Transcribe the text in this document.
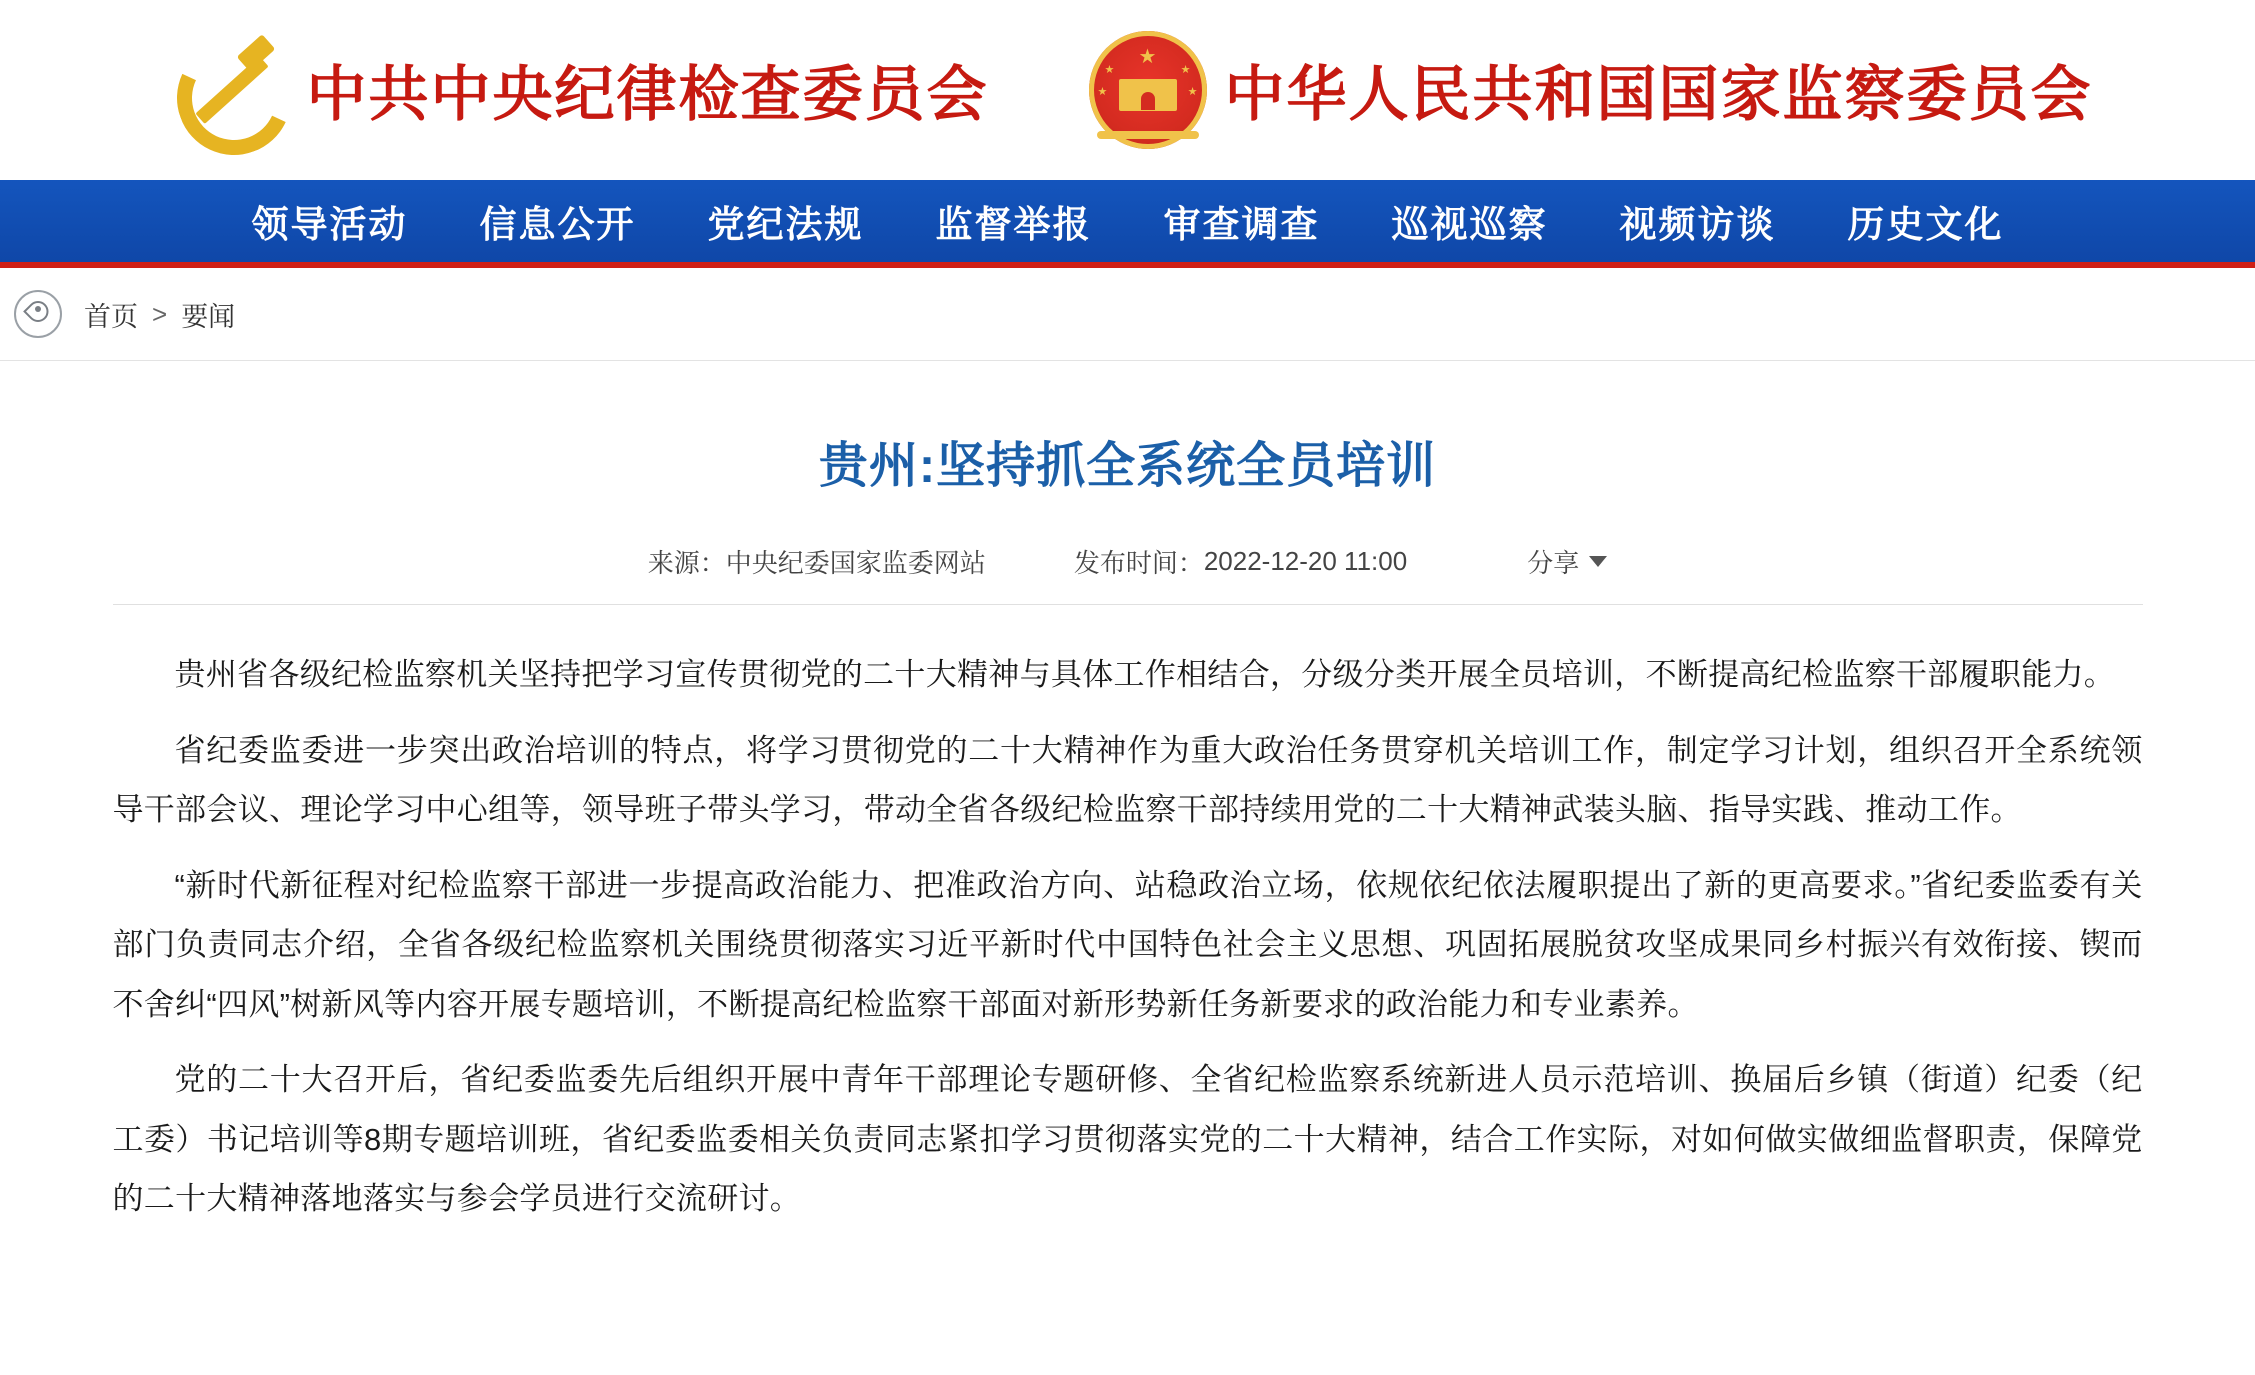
中共中央纪律检查委员会
★
★
★
★
★ 中华人民共和国国家监察委员会
领导活动	信息公开	党纪法规	监督举报	审查调查	巡视巡察	视频访谈	历史文化
首页 > 要闻
贵州:坚持抓全系统全员培训
来源： 中央纪委国家监委网站	发布时间： 2022-12-20 11:00	分享

贵州省各级纪检监察机关坚持把学习宣传贯彻党的二十大精神与具体工作相结合，分级分类开展全员培训，不断提高纪检监察干部履职能力。

省纪委监委进一步突出政治培训的特点，将学习贯彻党的二十大精神作为重大政治任务贯穿机关培训工作，制定学习计划，组织召开全系统领导干部会议、理论学习中心组等，领导班子带头学习，带动全省各级纪检监察干部持续用党的二十大精神武装头脑、指导实践、推动工作。

“新时代新征程对纪检监察干部进一步提高政治能力、把准政治方向、站稳政治立场，依规依纪依法履职提出了新的更高要求。”省纪委监委有关部门负责同志介绍，全省各级纪检监察机关围绕贯彻落实习近平新时代中国特色社会主义思想、巩固拓展脱贫攻坚成果同乡村振兴有效衔接、锲而不舍纠“四风”树新风等内容开展专题培训，不断提高纪检监察干部面对新形势新任务新要求的政治能力和专业素养。

党的二十大召开后，省纪委监委先后组织开展中青年干部理论专题研修、全省纪检监察系统新进人员示范培训、换届后乡镇（街道）纪委（纪工委）书记培训等8期专题培训班，省纪委监委相关负责同志紧扣学习贯彻落实党的二十大精神，结合工作实际，对如何做实做细监督职责，保障党的二十大精神落地落实与参会学员进行交流研讨。
